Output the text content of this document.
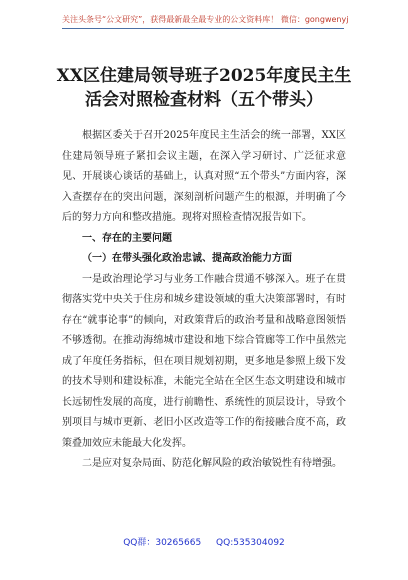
关注头条号“公文研究”，获得最新最全最专业的公文资料库！ 微信：gongwenyj
XX区住建局领导班子2025年度民主生活会对照检查材料（五个带头）

根据区委关于召开2025年度民主生活会的统一部署，XX区住建局领导班子紧扣会议主题，在深入学习研讨、广泛征求意见、开展谈心谈话的基础上，认真对照“五个带头”方面内容，深入查摆存在的突出问题，深刻剖析问题产生的根源，并明确了今后的努力方向和整改措施。现将对照检查情况报告如下。

一、存在的主要问题

（一）在带头强化政治忠诚、提高政治能力方面

一是政治理论学习与业务工作融合贯通不够深入。班子在贯彻落实党中央关于住房和城乡建设领域的重大决策部署时，有时存在“就事论事”的倾向，对政策背后的政治考量和战略意图领悟不够透彻。在推动海绵城市建设和地下综合管廊等工作中虽然完成了年度任务指标，但在项目规划初期，更多地是参照上级下发的技术导则和建设标准，未能完全站在全区生态文明建设和城市长远韧性发展的高度，进行前瞻性、系统性的顶层设计，导致个别项目与城市更新、老旧小区改造等工作的衔接融合度不高，政策叠加效应未能最大化发挥。

二是应对复杂局面、防范化解风险的政治敏锐性有待增强。

QQ群：30265665 QQ:535304092
